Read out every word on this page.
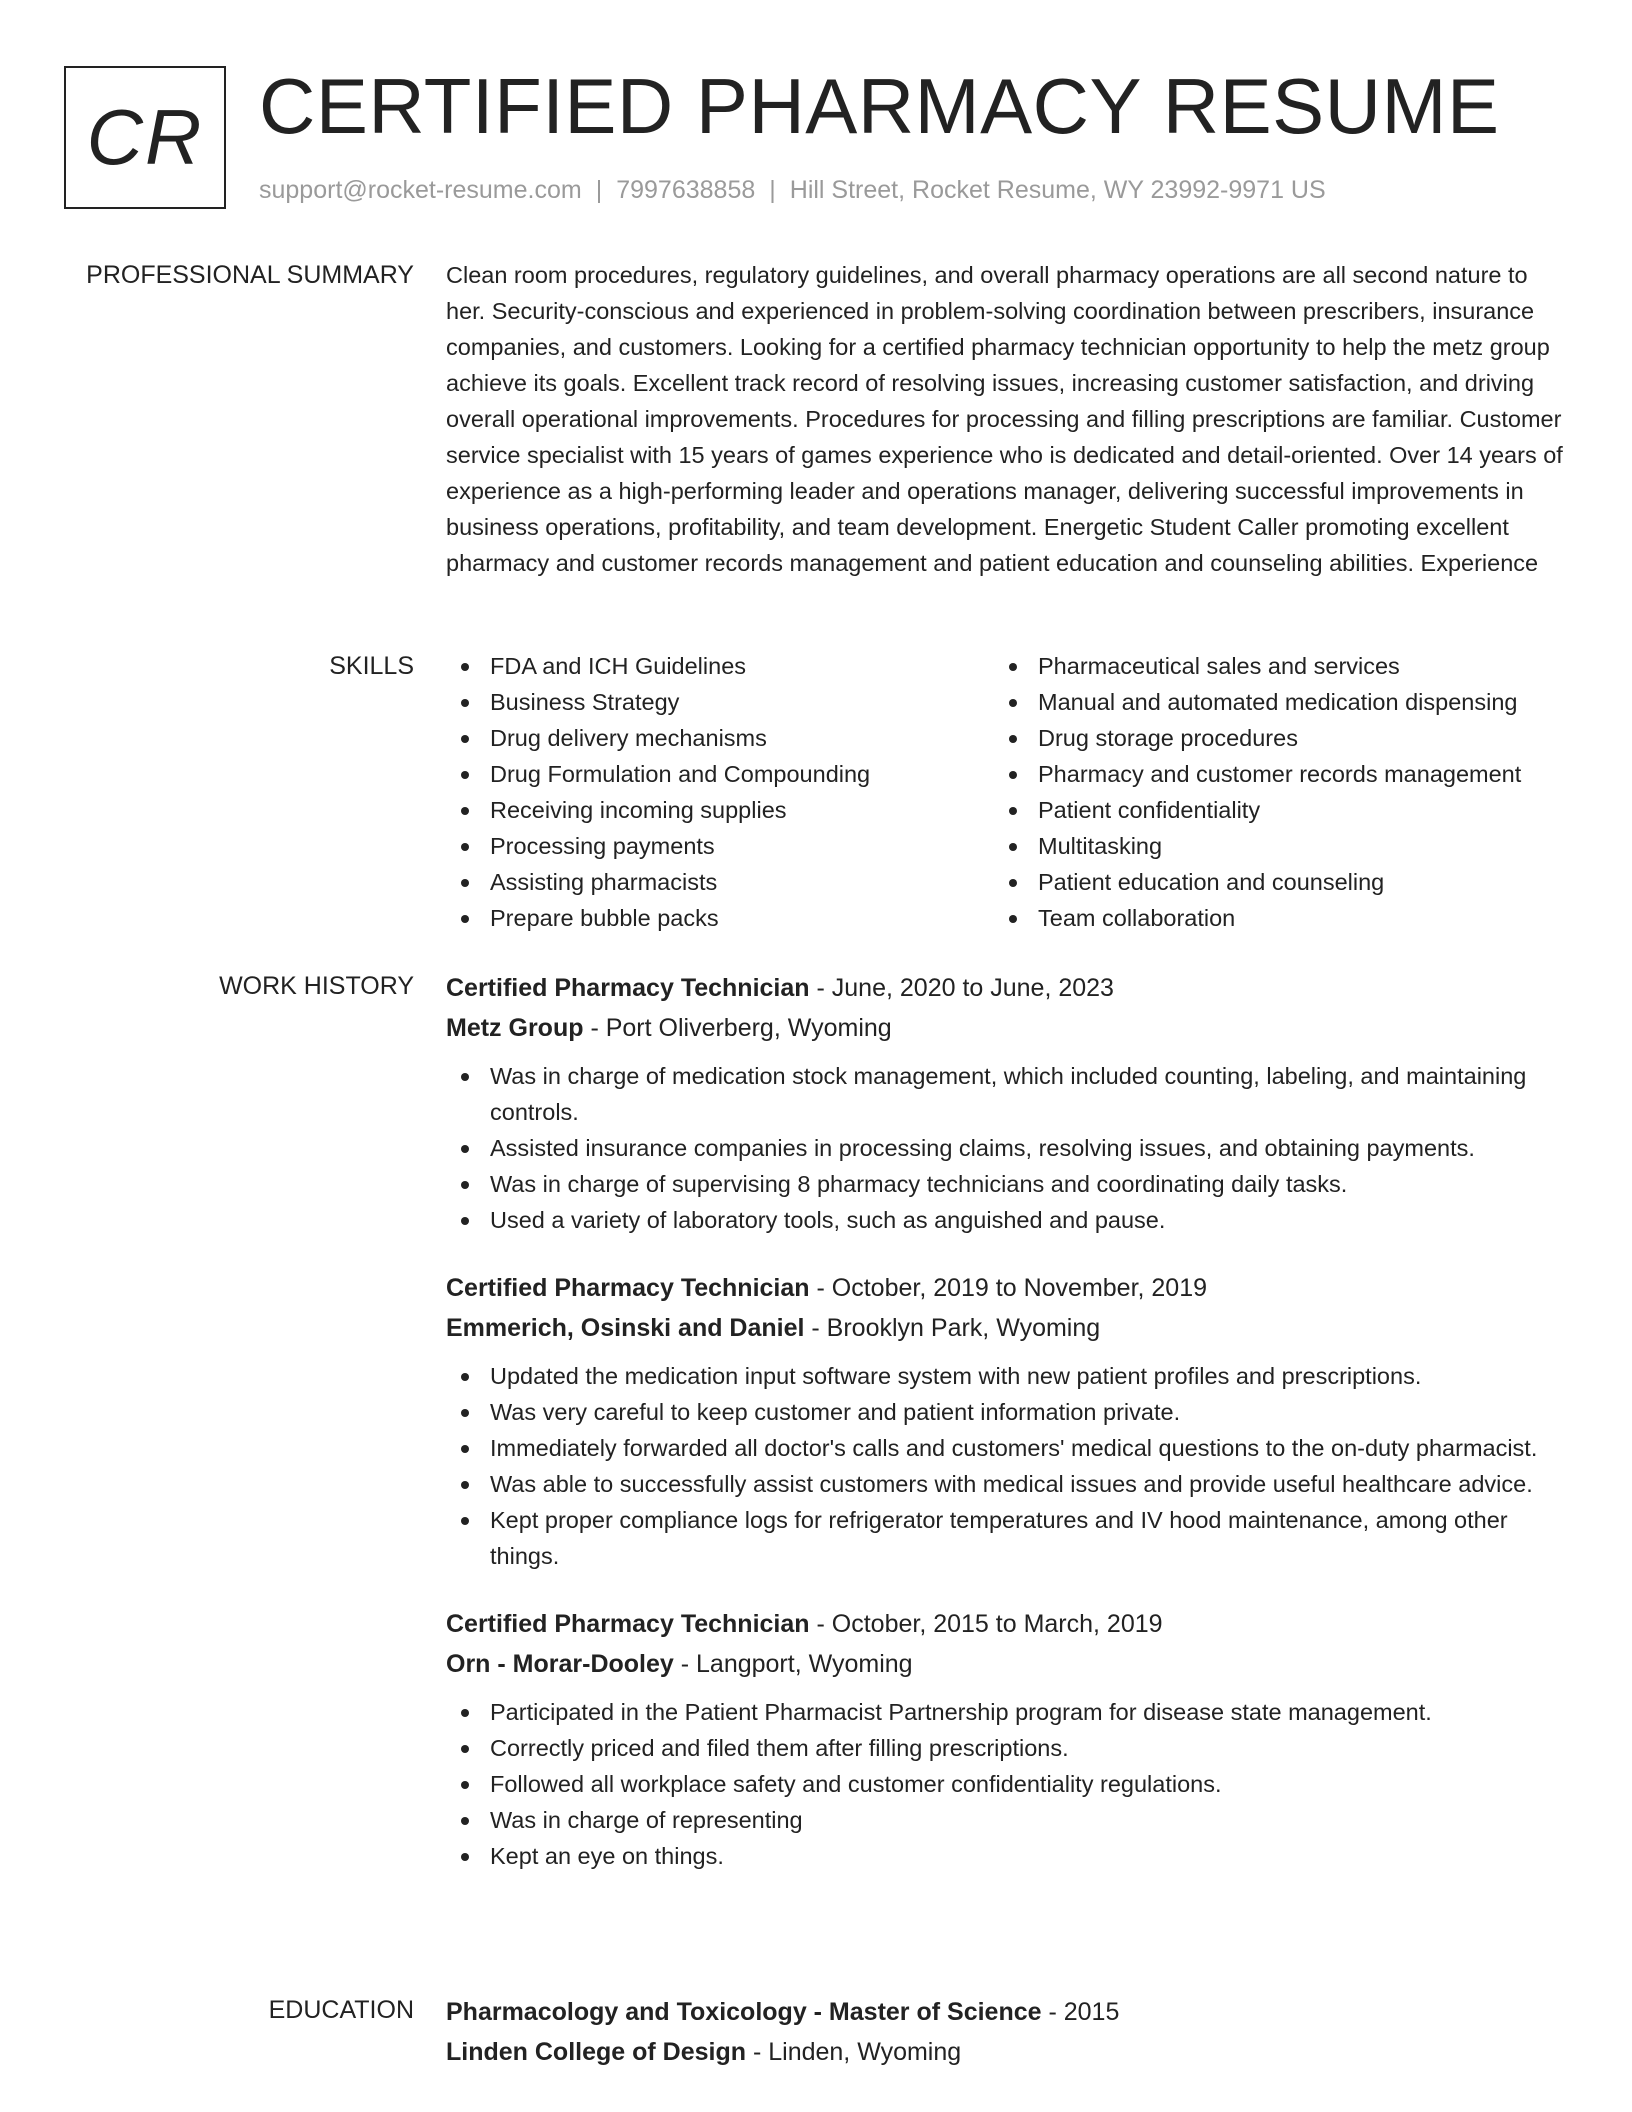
CR CERTIFIED PHARMACY RESUME
support@rocket-resume.com | 7997638858 | Hill Street, Rocket Resume, WY 23992-9971 US
PROFESSIONAL SUMMARY Clean room procedures, regulatory guidelines, and overall pharmacy operations are all second nature to her. Security-conscious and experienced in problem-solving coordination between prescribers, insurance companies, and customers. Looking for a certified pharmacy technician opportunity to help the metz group achieve its goals. Excellent track record of resolving issues, increasing customer satisfaction, and driving overall operational improvements. Procedures for processing and filling prescriptions are familiar. Customer service specialist with 15 years of games experience who is dedicated and detail-oriented. Over 14 years of experience as a high-performing leader and operations manager, delivering successful improvements in business operations, profitability, and team development. Energetic Student Caller promoting excellent pharmacy and customer records management and patient education and counseling abilities. Experience
SKILLS	FDA and ICH Guidelines
Business Strategy
Drug delivery mechanisms
Drug Formulation and Compounding
Receiving incoming supplies
Processing payments
Assisting pharmacists
Prepare bubble packs
Pharmaceutical sales and services
Manual and automated medication dispensing
Drug storage procedures
Pharmacy and customer records management
Patient confidentiality
Multitasking
Patient education and counseling
Team collaboration
WORK HISTORY Certified Pharmacy Technician - June, 2020 to June, 2023
Metz Group - Port Oliverberg, Wyoming
Was in charge of medication stock management, which included counting, labeling, and maintaining controls.
Assisted insurance companies in processing claims, resolving issues, and obtaining payments.
Was in charge of supervising 8 pharmacy technicians and coordinating daily tasks.
Used a variety of laboratory tools, such as anguished and pause.
Certified Pharmacy Technician - October, 2019 to November, 2019
Emmerich, Osinski and Daniel - Brooklyn Park, Wyoming
Updated the medication input software system with new patient profiles and prescriptions.
Was very careful to keep customer and patient information private.
Immediately forwarded all doctor's calls and customers' medical questions to the on-duty pharmacist.
Was able to successfully assist customers with medical issues and provide useful healthcare advice.
Kept proper compliance logs for refrigerator temperatures and IV hood maintenance, among other things.
Certified Pharmacy Technician - October, 2015 to March, 2019
Orn - Morar-Dooley - Langport, Wyoming
Participated in the Patient Pharmacist Partnership program for disease state management.
Correctly priced and filed them after filling prescriptions.
Followed all workplace safety and customer confidentiality regulations.
Was in charge of representing
Kept an eye on things.
EDUCATION Pharmacology and Toxicology - Master of Science - 2015
Linden College of Design - Linden, Wyoming
